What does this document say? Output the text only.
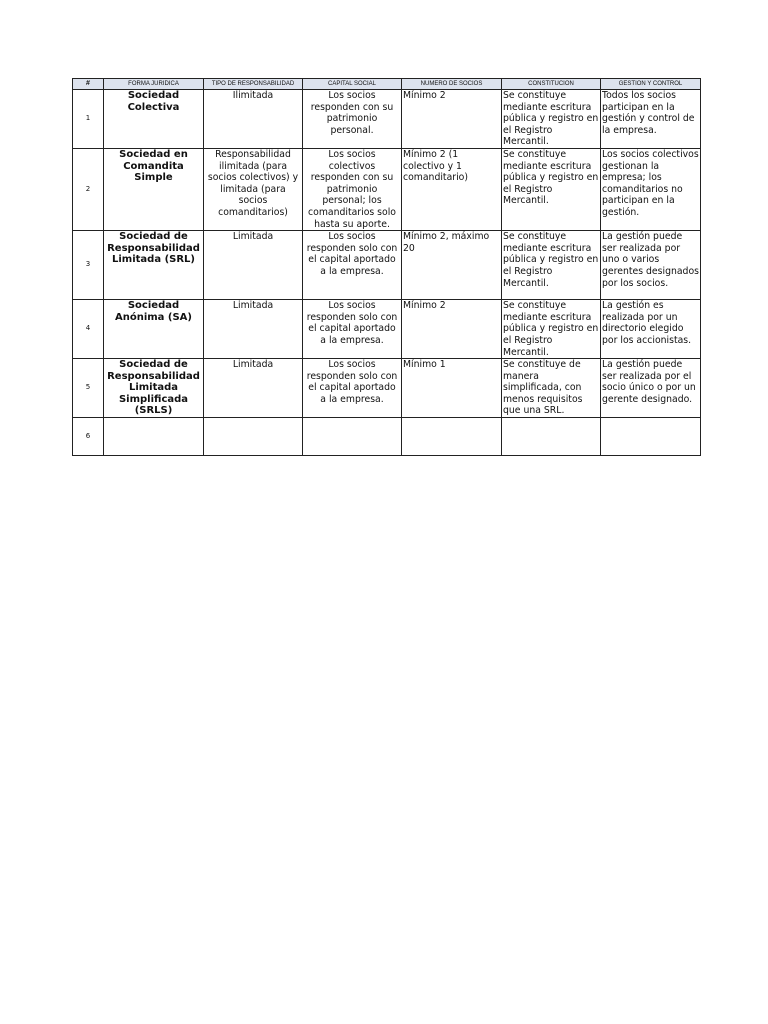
#	FORMA JURIDICA	TIPO DE RESPONSABILIDAD	CAPITAL SOCIAL	NUMERO DE SOCIOS	CONSTITUCION	GESTION Y CONTROL
1	Sociedad Colectiva	Ilimitada	Los socios responden con su patrimonio personal.	Mínimo 2	Se constituye mediante escritura pública y registro en el Registro Mercantil.	Todos los socios participan en la gestión y control de la empresa.
2	Sociedad en Comandita Simple	Responsabilidad ilimitada (para socios colectivos) y limitada (para socios comanditarios)	Los socios colectivos responden con su patrimonio personal; los comanditarios solo hasta su aporte.	Mínimo 2 (1 colectivo y 1 comanditario)	Se constituye mediante escritura pública y registro en el Registro Mercantil.	Los socios colectivos gestionan la empresa; los comanditarios no participan en la gestión.
3	Sociedad de Responsabilidad Limitada (SRL)	Limitada	Los socios responden solo con el capital aportado a la empresa.	Mínimo 2, máximo 20	Se constituye mediante escritura pública y registro en el Registro Mercantil.	La gestión puede ser realizada por uno o varios gerentes designados por los socios.
4	Sociedad Anónima (SA)	Limitada	Los socios responden solo con el capital aportado a la empresa.	Mínimo 2	Se constituye mediante escritura pública y registro en el Registro Mercantil.	La gestión es realizada por un directorio elegido por los accionistas.
5	Sociedad de Responsabilidad Limitada Simplificada (SRLS)	Limitada	Los socios responden solo con el capital aportado a la empresa.	Mínimo 1	Se constituye de manera simplificada, con menos requisitos que una SRL.	La gestión puede ser realizada por el socio único o por un gerente designado.
6						
